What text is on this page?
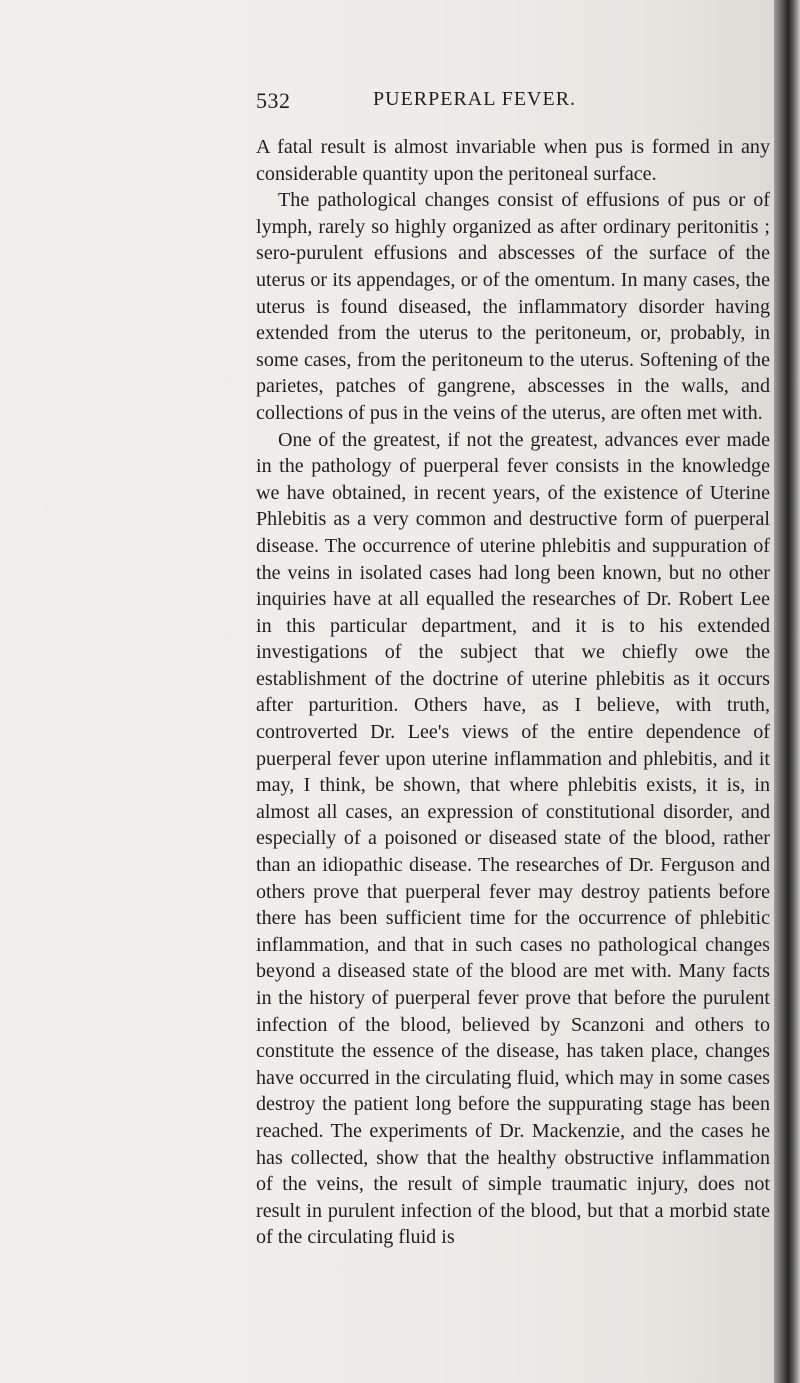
532	PUERPERAL FEVER.

A fatal result is almost invariable when pus is formed in any considerable quantity upon the peritoneal surface.

The pathological changes consist of effusions of pus or of lymph, rarely so highly organized as after ordinary peritonitis ; sero-purulent effusions and abscesses of the surface of the uterus or its appendages, or of the omentum. In many cases, the uterus is found diseased, the inflammatory disorder having extended from the uterus to the peritoneum, or, probably, in some cases, from the peritoneum to the uterus. Softening of the parietes, patches of gangrene, abscesses in the walls, and collections of pus in the veins of the uterus, are often met with.

One of the greatest, if not the greatest, advances ever made in the pathology of puerperal fever consists in the knowledge we have obtained, in recent years, of the existence of Uterine Phlebitis as a very common and destructive form of puerperal disease. The occurrence of uterine phlebitis and suppuration of the veins in isolated cases had long been known, but no other inquiries have at all equalled the researches of Dr. Robert Lee in this particular department, and it is to his extended investigations of the subject that we chiefly owe the establishment of the doctrine of uterine phlebitis as it occurs after parturition. Others have, as I believe, with truth, controverted Dr. Lee's views of the entire dependence of puerperal fever upon uterine inflammation and phlebitis, and it may, I think, be shown, that where phlebitis exists, it is, in almost all cases, an expression of constitutional disorder, and especially of a poisoned or diseased state of the blood, rather than an idiopathic disease. The researches of Dr. Ferguson and others prove that puerperal fever may destroy patients before there has been sufficient time for the occurrence of phlebitic inflammation, and that in such cases no pathological changes beyond a diseased state of the blood are met with. Many facts in the history of puerperal fever prove that before the purulent infection of the blood, believed by Scanzoni and others to constitute the essence of the disease, has taken place, changes have occurred in the circulating fluid, which may in some cases destroy the patient long before the suppurating stage has been reached. The experiments of Dr. Mackenzie, and the cases he has collected, show that the healthy obstructive inflammation of the veins, the result of simple traumatic injury, does not result in purulent infection of the blood, but that a morbid state of the circulating fluid is
